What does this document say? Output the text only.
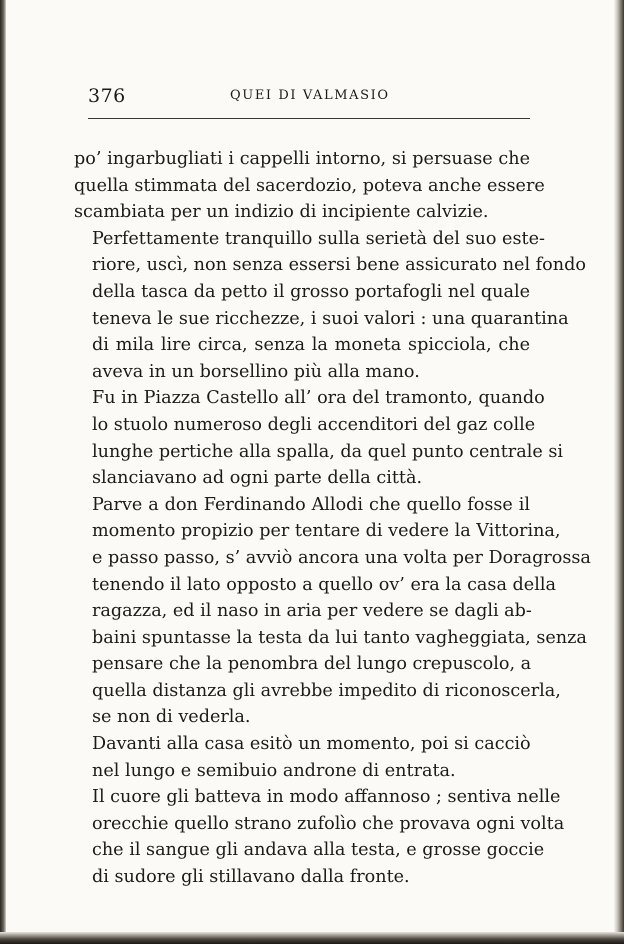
376	QUEI DI VALMASIO

po’ ingarbugliati i cappelli intorno, si persuase che
quella stimmata del sacerdozio, poteva anche essere
scambiata per un indizio di incipiente calvizie.

Perfettamente tranquillo sulla serietà del suo este-
riore, uscì, non senza essersi bene assicurato nel fondo
della tasca da petto il grosso portafogli nel quale
teneva le sue ricchezze, i suoi valori : una quarantina
di mila lire circa, senza la moneta spicciola, che
aveva in un borsellino più alla mano.

Fu in Piazza Castello all’ ora del tramonto, quando
lo stuolo numeroso degli accenditori del gaz colle
lunghe pertiche alla spalla, da quel punto centrale si
slanciavano ad ogni parte della città.

Parve a don Ferdinando Allodi che quello fosse il
momento propizio per tentare di vedere la Vittorina,
e passo passo, s’ avviò ancora una volta per Doragrossa
tenendo il lato opposto a quello ov’ era la casa della
ragazza, ed il naso in aria per vedere se dagli ab-
baini spuntasse la testa da lui tanto vagheggiata, senza
pensare che la penombra del lungo crepuscolo, a
quella distanza gli avrebbe impedito di riconoscerla,
se non di vederla.

Davanti alla casa esitò un momento, poi si cacciò
nel lungo e semibuio androne di entrata.

Il cuore gli batteva in modo affannoso ; sentiva nelle
orecchie quello strano zufolìo che provava ogni volta
che il sangue gli andava alla testa, e grosse goccie
di sudore gli stillavano dalla fronte.
